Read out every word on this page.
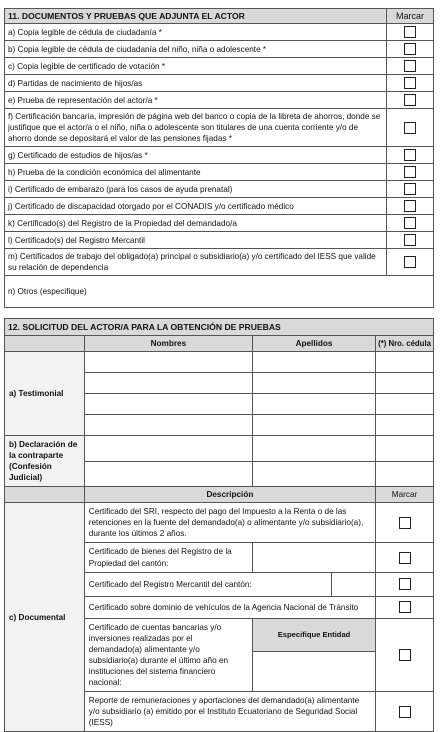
11. DOCUMENTOS Y PRUEBAS QUE ADJUNTA EL ACTOR	Marcar
a) Copia legible de cédula de ciudadanía *	
b) Copia legible de cédula de ciudadanía del niño, niña o adolescente *	
c) Copia legible de certificado de votación *	
d) Partidas de nacimiento de hijos/as	
e) Prueba de representación del actor/a *	
f) Certificación bancaria, impresión de página web del banco o copia de la libreta de ahorros, donde se justifique que el actor/a o el niño, niña o adolescente son titulares de una cuenta corriente y/o de ahorro donde se depositará el valor de las pensiones fijadas *	
g) Certificado de estudios de hijos/as *	
h) Prueba de la condición económica del alimentante	
i) Certificado de embarazo (para los casos de ayuda prenatal)	
j) Certificado de discapacidad otorgado por el CONADIS y/o certificado médico	
k) Certificado(s) del Registro de la Propiedad del demandado/a	
l) Certificado(s) del Registro Mercantil	
m) Certificados de trabajo del obligado(a) principal o subsidiario(a) y/o certificado del IESS que valide su relación de dependencia	
n) Otros (especifique)	
12. SOLICITUD DEL ACTOR/A PARA LA OBTENCIÓN DE PRUEBAS				
	Nombres	Apellidos		(*) Nro. cédula
a) Testimonial				

b) Declaración de la contraparte (Confesión Judicial)				

	Descripción			Marcar
c) Documental	Certificado del SRI, respecto del pago del Impuesto a la Renta o de las retenciones en la fuente del demandado(a) o alimentante y/o subsidiario(a), durante los últimos 2 años.			
	Certificado de bienes del Registro de la Propiedad del cantón:			
	Certificado del Registro Mercantil del cantón:			
	Certificado sobre dominio de vehículos de la Agencia Nacional de Tránsito			
	Certificado de cuentas bancarias y/o inversiones realizadas por el demandado(a) alimentante y/o subsidiario(a) durante el último año en instituciones del sistema financiero nacional:	Especifique Entidad		

	Reporte de remuneraciones y aportaciones del demandado(a) alimentante y/o subsidiario (a) emitido por el Instituto Ecuatoriano de Seguridad Social (IESS)			
